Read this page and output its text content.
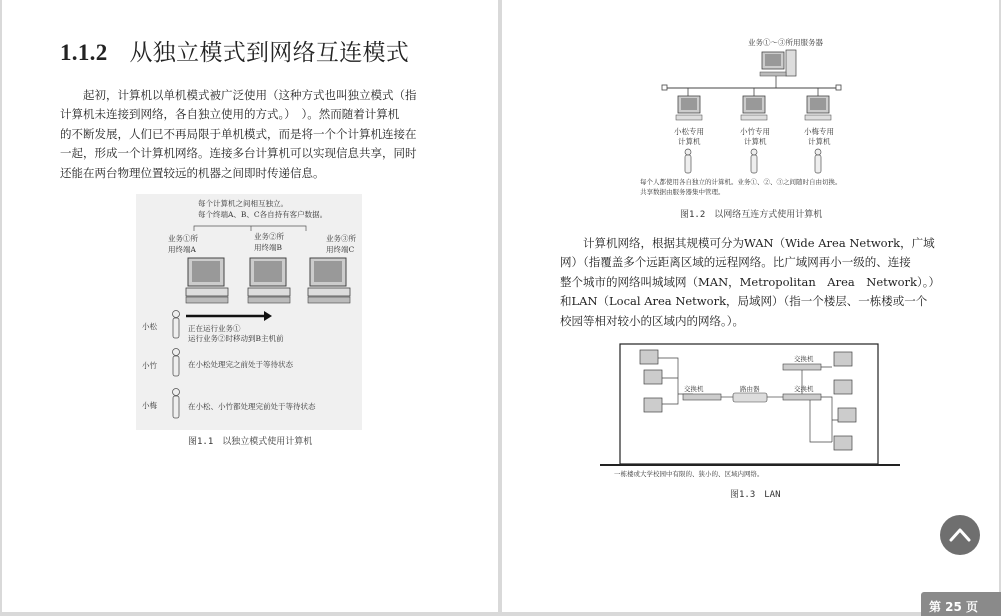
1.1.2 从独立模式到网络互连模式
　　起初，计算机以单机模式被广泛使用（这种方式也叫独立模式（指
计算机未连接到网络，各自独立使用的方式。）　）。然而随着计算机
的不断发展，人们已不再局限于单机模式，而是将一个个计算机连接在
一起，形成一个计算机网络。连接多台计算机可以实现信息共享，同时
还能在两台物理位置较远的机器之间即时传递信息。
每个计算机之间相互独立。
每个终端A、B、C各自持有客户数据。
业务①所
用终端A
业务②所
用终端B
业务③所
用终端C
小松	正在运行业务①
运行业务②时移动到B主机前
小竹	在小松处理完之前处于等待状态
小梅	在小松、小竹都处理完前处于等待状态
图1.1　以独立模式使用计算机
业务①～③所用服务器
小松专用
计算机
小竹专用
计算机
小梅专用
计算机
每个人都使用各自独立的计算机。业务①、②、③之间随时自由切换。
共享数据由服务器集中管理。
图1.2　以网络互连方式使用计算机
　　计算机网络，根据其规模可分为WAN（Wide Area Network，广域
网）（指覆盖多个远距离区域的远程网络。比广域网再小一级的、连接
整个城市的网络叫城域网（MAN，Metropolitan　Area　Network）。）
和LAN（Local Area Network，局域网）（指一个楼层、一栋楼或一个
校园等相对较小的区域内的网络。）。
交换机	路由器	交换机
交换机
一栋楼或大学校园中有限的、狭小的、区域内网络。
图1.3　LAN
第 25 页
